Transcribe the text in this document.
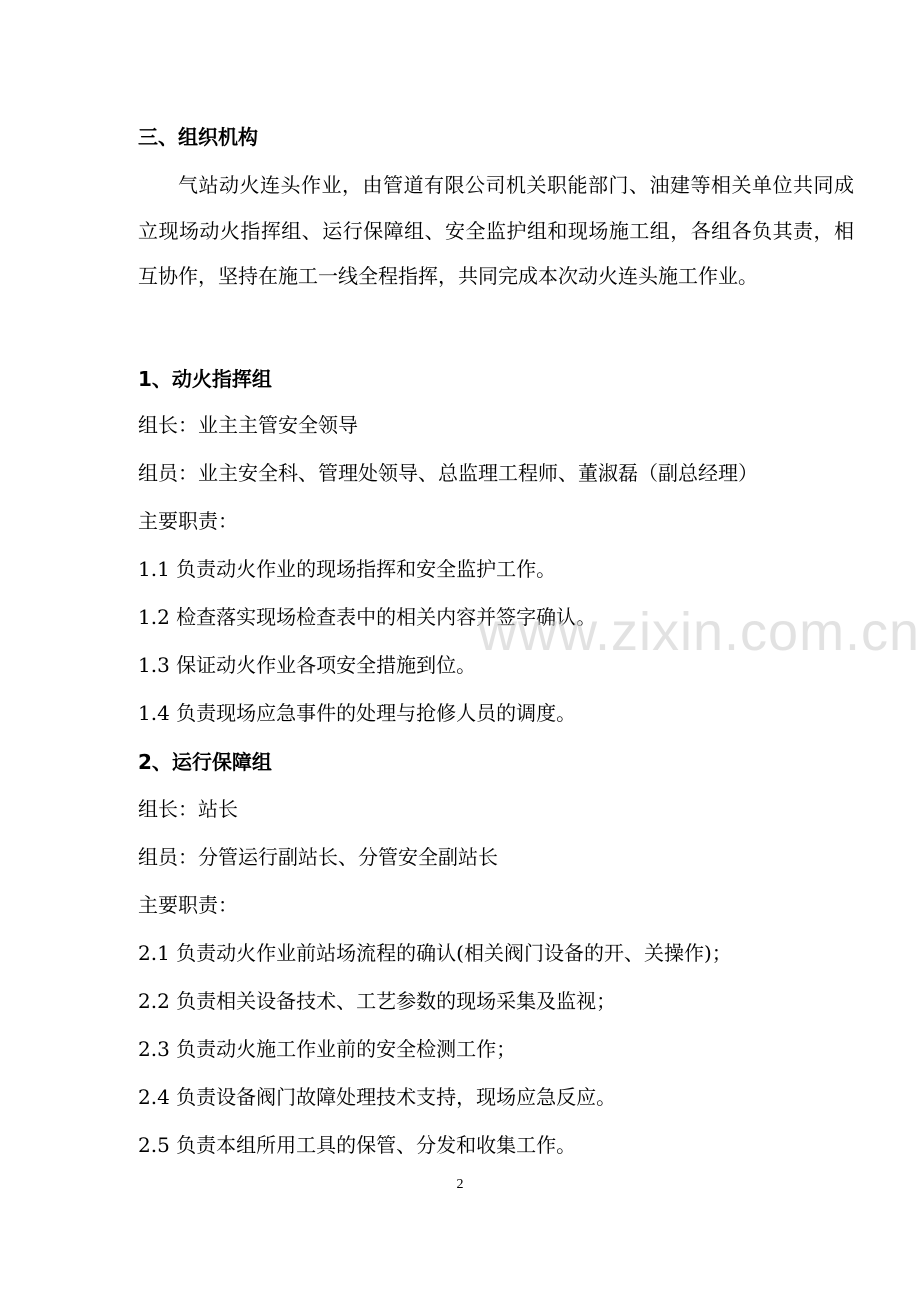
三、组织机构
气站动火连头作业，由管道有限公司机关职能部门、油建等相关单位共同成立现场动火指挥组、运行保障组、安全监护组和现场施工组，各组各负其责，相互协作，坚持在施工一线全程指挥，共同完成本次动火连头施工作业。
1、动火指挥组
组长：业主主管安全领导
组员：业主安全科、管理处领导、总监理工程师、董淑磊（副总经理）
主要职责：
1.1 负责动火作业的现场指挥和安全监护工作。
1.2 检查落实现场检查表中的相关内容并签字确认。
1.3 保证动火作业各项安全措施到位。
1.4 负责现场应急事件的处理与抢修人员的调度。
2、运行保障组
组长：站长
组员：分管运行副站长、分管安全副站长
主要职责：
2.1 负责动火作业前站场流程的确认(相关阀门设备的开、关操作)；
2.2 负责相关设备技术、工艺参数的现场采集及监视；
2.3 负责动火施工作业前的安全检测工作；
2.4 负责设备阀门故障处理技术支持，现场应急反应。
2.5 负责本组所用工具的保管、分发和收集工作。
www.zixin.com.cn
2
